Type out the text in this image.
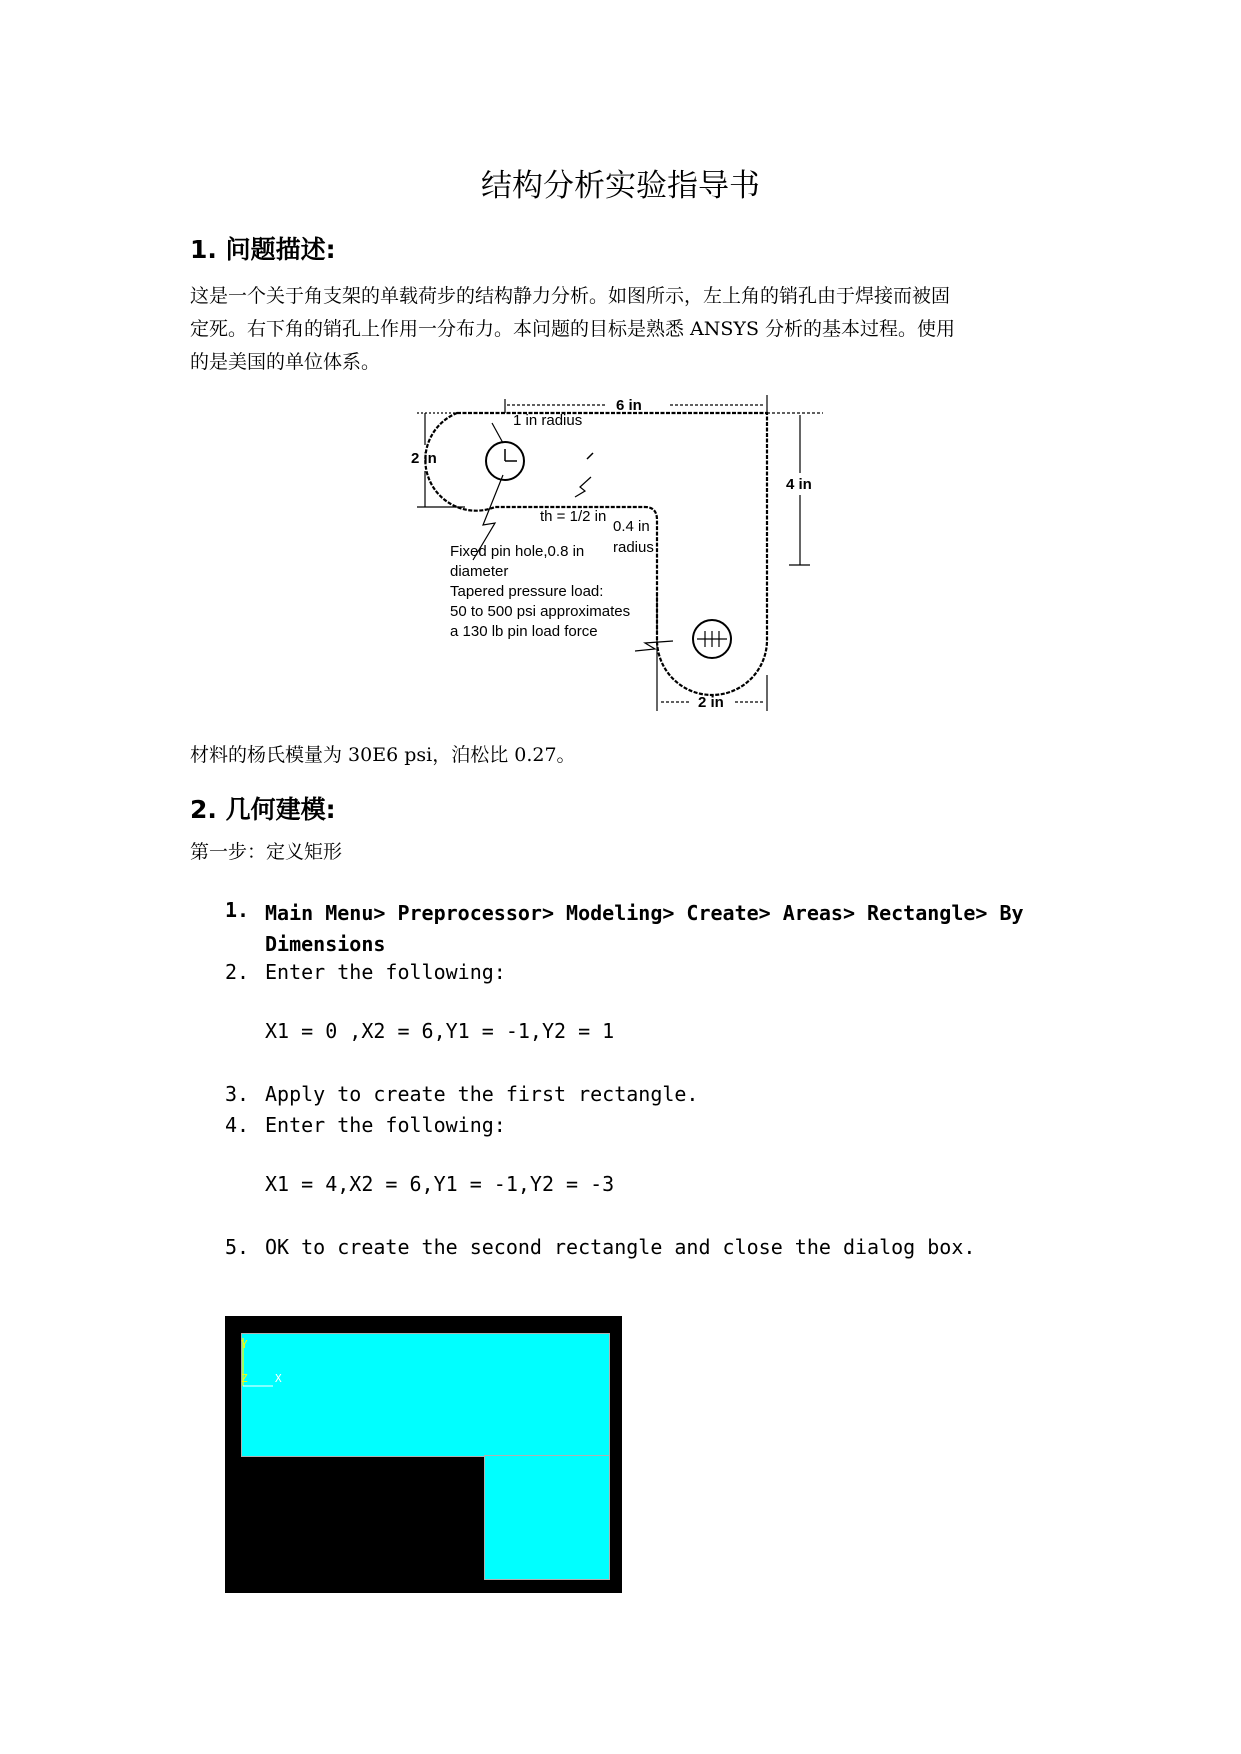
结构分析实验指导书
1. 问题描述:

这是一个关于角支架的单载荷步的结构静力分析。如图所示，左上角的销孔由于焊接而被固

定死。右下角的销孔上作用一分布力。本问题的目标是熟悉 ANSYS 分析的基本过程。使用

的是美国的单位体系。

6 in
2 in
4 in
2 in
1 in radius
th = 1/2 in
0.4 in
radius
Fixed pin hole,0.8 in
diameter
Tapered pressure load:
50 to 500 psi approximates
a 130 lb pin load force
材料的杨氏模量为 30E6 psi，泊松比 0.27。
2. 几何建模:
第一步：定义矩形
1. Main Menu> Preprocessor> Modeling> Create> Areas> Rectangle> By
Dimensions
2. Enter the following:
X1 = 0 ,X2 = 6,Y1 = -1,Y2 = 1
3. Apply to create the first rectangle.
4. Enter the following:
X1 = 4,X2 = 6,Y1 = -1,Y2 = -3
5. OK to create the second rectangle and close the dialog box.
Y
Z X
